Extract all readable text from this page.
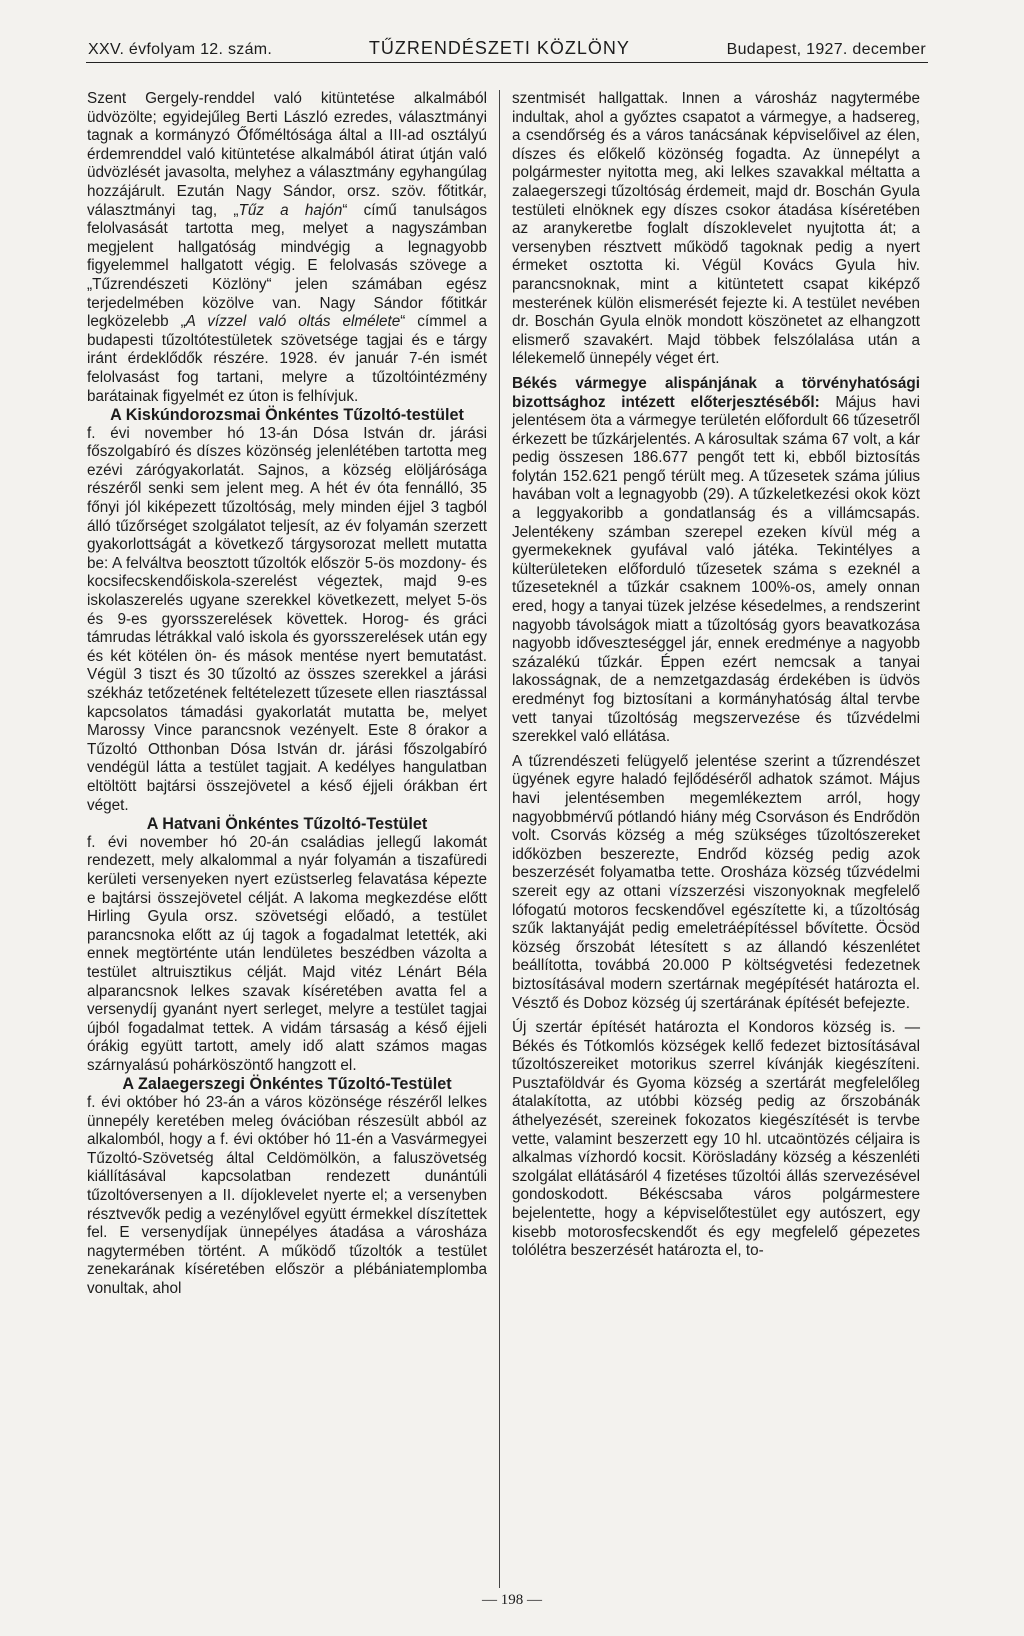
XXV. évfolyam 12. szám.	TŰZRENDÉSZETI KÖZLÖNY	Budapest, 1927. december

Szent Gergely-renddel való kitüntetése alkalmából üdvözölte; egyidejűleg Berti László ezredes, választmányi tagnak a kormányzó Őfőméltósága által a III-ad osztályú érdemrenddel való kitüntetése alkalmából átirat útján való üdvözlését javasolta, melyhez a választmány egyhangúlag hozzájárult. Ezután Nagy Sándor, orsz. szöv. főtitkár, választmányi tag, „Tűz a hajón“ című tanulságos felolvasását tartotta meg, melyet a nagyszámban megjelent hallgatóság mindvégig a legnagyobb figyelemmel hallgatott végig. E felolvasás szövege a „Tűzrendészeti Közlöny“ jelen számában egész terjedelmében közölve van. Nagy Sándor főtitkár legközelebb „A vízzel való oltás elmélete“ címmel a budapesti tűzoltótestületek szövetsége tagjai és e tárgy iránt érdeklődők részére. 1928. év január 7-én ismét felolvasást fog tartani, melyre a tűzoltóintézmény barátainak figyelmét ez úton is felhívjuk.

A Kiskúndorozsmai Önkéntes Tűzoltó-testület

f. évi november hó 13-án Dósa István dr. járási főszolgabíró és díszes közönség jelenlétében tartotta meg ezévi zárógyakorlatát. Sajnos, a község elöljárósága részéről senki sem jelent meg. A hét év óta fennálló, 35 főnyi jól kiképezett tűzoltóság, mely minden éjjel 3 tagból álló tűzőrséget szolgálatot teljesít, az év folyamán szerzett gyakorlottságát a következő tárgysorozat mellett mutatta be: A felváltva beosztott tűzoltók először 5-ös mozdony- és kocsifecskendőiskola-szerelést végeztek, majd 9-es iskolaszerelés ugyane szerekkel következett, melyet 5-ös és 9-es gyorsszerelések követtek. Horog- és gráci támrudas létrákkal való iskola és gyorsszerelések után egy és két kötélen ön- és mások mentése nyert bemutatást. Végül 3 tiszt és 30 tűzoltó az összes szerekkel a járási székház tetőzetének feltételezett tűzesete ellen riasztással kapcsolatos támadási gyakorlatát mutatta be, melyet Marossy Vince parancsnok vezényelt. Este 8 órakor a Tűzoltó Otthonban Dósa István dr. járási főszolgabíró vendégül látta a testület tagjait. A kedélyes hangulatban eltöltött bajtársi összejövetel a késő éjjeli órákban ért véget.

A Hatvani Önkéntes Tűzoltó-Testület

f. évi november hó 20-án családias jellegű lakomát rendezett, mely alkalommal a nyár folyamán a tiszafüredi kerületi versenyeken nyert ezüstserleg felavatása képezte e bajtársi összejövetel célját. A lakoma megkezdése előtt Hirling Gyula orsz. szövetségi előadó, a testület parancsnoka előtt az új tagok a fogadalmat letették, aki ennek megtörténte után lendületes beszédben vázolta a testület altruisztikus célját. Majd vitéz Lénárt Béla alparancsnok lelkes szavak kíséretében avatta fel a versenydíj gyanánt nyert serleget, melyre a testület tagjai újból fogadalmat tettek. A vidám társaság a késő éjjeli órákig együtt tartott, amely idő alatt számos magas szárnyalású pohárköszöntő hangzott el.

A Zalaegerszegi Önkéntes Tűzoltó-Testület

f. évi október hó 23-án a város közönsége részéről lelkes ünnepély keretében meleg óvációban részesült abból az alkalomból, hogy a f. évi október hó 11-én a Vasvármegyei Tűzoltó-Szövetség által Celdömölkön, a faluszövetség kiállításával kapcsolatban rendezett dunántúli tűzoltóversenyen a II. díjoklevelet nyerte el; a versenyben résztvevők pedig a vezénylővel együtt érmekkel díszítettek fel. E versenydíjak ünnepélyes átadása a városháza nagytermében történt. A működő tűzoltók a testület zenekarának kíséretében először a plébániatemplomba vonultak, ahol

szentmisét hallgattak. Innen a városház nagytermébe indultak, ahol a győztes csapatot a vármegye, a hadsereg, a csendőrség és a város tanácsának képviselőivel az élen, díszes és előkelő közönség fogadta. Az ünnepélyt a polgármester nyitotta meg, aki lelkes szavakkal méltatta a zalaegerszegi tűzoltóság érdemeit, majd dr. Boschán Gyula testületi elnöknek egy díszes csokor átadása kíséretében az aranykeretbe foglalt díszoklevelet nyujtotta át; a versenyben résztvett működő tagoknak pedig a nyert érmeket osztotta ki. Végül Kovács Gyula hiv. parancsnoknak, mint a kitüntetett csapat kiképző mesterének külön elismerését fejezte ki. A testület nevében dr. Boschán Gyula elnök mondott köszönetet az elhangzott elismerő szavakért. Majd többek felszólalása után a lélekemelő ünnepély véget ért.

Békés vármegye alispánjának a törvényhatósági bizottsághoz intézett előterjesztéséből: Május havi jelentésem öta a vármegye területén előfordult 66 tűzesetről érkezett be tűzkárjelentés. A károsultak száma 67 volt, a kár pedig összesen 186.677 pengőt tett ki, ebből biztosítás folytán 152.621 pengő térült meg. A tűzesetek száma július havában volt a legnagyobb (29). A tűzkeletkezési okok közt a leggyakoribb a gondatlanság és a villámcsapás. Jelentékeny számban szerepel ezeken kívül még a gyermekeknek gyufával való játéka. Tekintélyes a külterületeken előforduló tűzesetek száma s ezeknél a tűzeseteknél a tűzkár csaknem 100%-os, amely onnan ered, hogy a tanyai tüzek jelzése késedelmes, a rendszerint nagyobb távolságok miatt a tűzoltóság gyors beavatkozása nagyobb időveszteséggel jár, ennek eredménye a nagyobb százalékú tűzkár. Éppen ezért nemcsak a tanyai lakosságnak, de a nemzetgazdaság érdekében is üdvös eredményt fog biztosítani a kormányhatóság által tervbe vett tanyai tűzoltóság megszervezése és tűzvédelmi szerekkel való ellátása.

A tűzrendészeti felügyelő jelentése szerint a tűzrendészet ügyének egyre haladó fejlődéséről adhatok számot. Május havi jelentésemben megemlékeztem arról, hogy nagyobbmérvű pótlandó hiány még Csorváson és Endrődön volt. Csorvás község a még szükséges tűzoltószereket időközben beszerezte, Endrőd község pedig azok beszerzését folyamatba tette. Orosháza község tűzvédelmi szereit egy az ottani vízszerzési viszonyoknak megfelelő lófogatú motoros fecskendővel egészítette ki, a tűzoltóság szűk laktanyáját pedig emeletráépítéssel bővítette. Öcsöd község őrszobát létesített s az állandó készenlétet beállította, továbbá 20.000 P költségvetési fedezetnek biztosításával modern szertárnak megépítését határozta el. Vésztő és Doboz község új szertárának építését befejezte.

Új szertár építését határozta el Kondoros község is. — Békés és Tótkomlós községek kellő fedezet biztosításával tűzoltószereiket motorikus szerrel kívánják kiegészíteni. Pusztaföldvár és Gyoma község a szertárát megfelelőleg átalakította, az utóbbi község pedig az őrszobánák áthelyezését, szereinek fokozatos kiegészítését is tervbe vette, valamint beszerzett egy 10 hl. utcaöntözés céljaira is alkalmas vízhordó kocsit. Körösladány község a készenléti szolgálat ellátásáról 4 fizetéses tűzoltói állás szervezésével gondoskodott. Békéscsaba város polgármestere bejelentette, hogy a képviselőtestület egy autószert, egy kisebb motorosfecskendőt és egy megfelelő gépezetes tolólétra beszerzését határozta el, to-

— 198 —
